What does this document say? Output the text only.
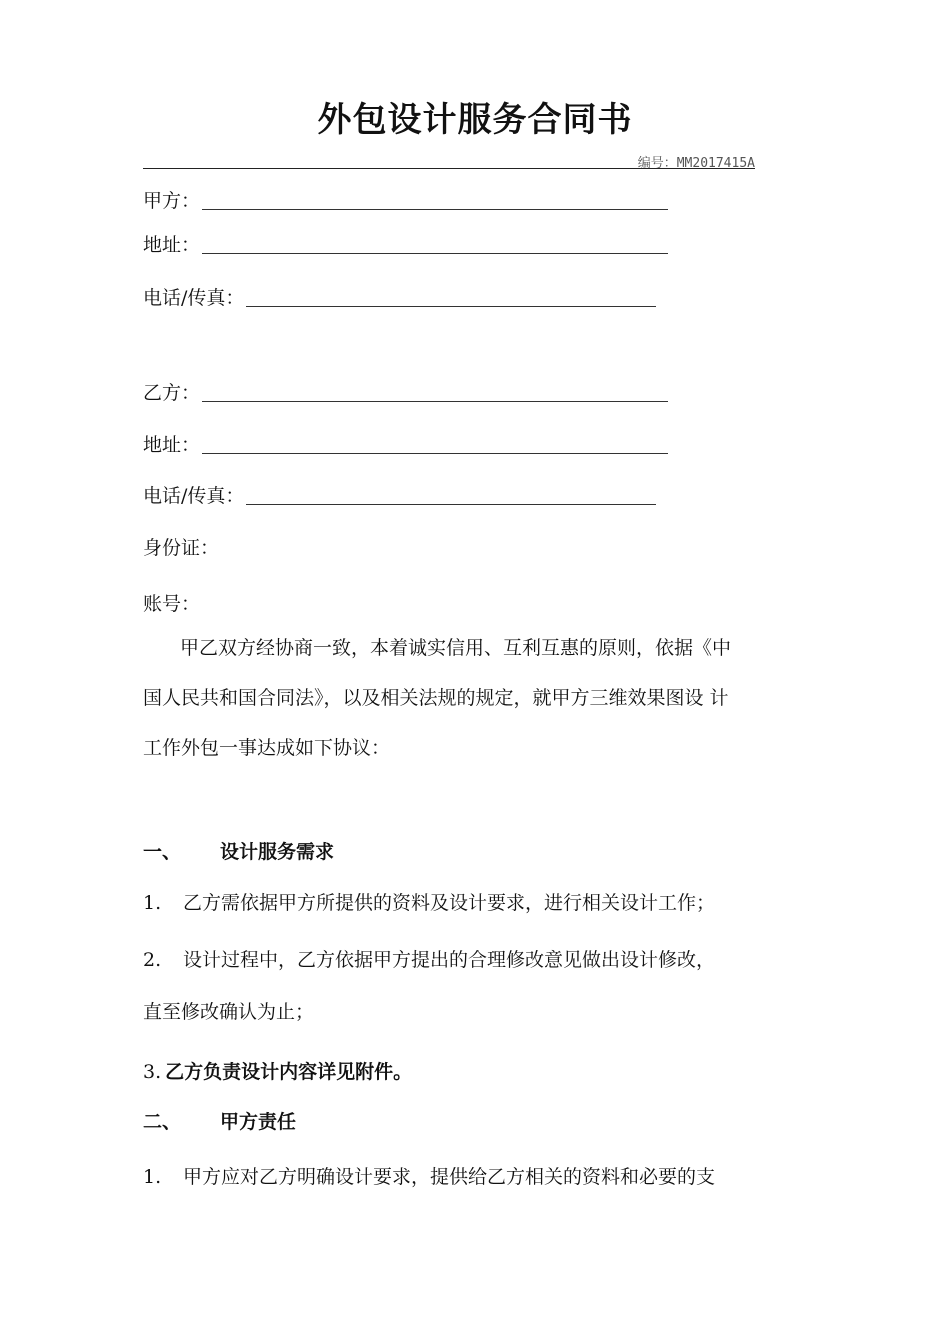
外包设计服务合同书
编号：MM2017415A
甲方：
地址：
电话/传真：
乙方：
地址：
电话/传真：
身份证：
账号：
甲乙双方经协商一致，本着诚实信用、互利互惠的原则，依据《中
国人民共和国合同法》，以及相关法规的规定，就甲方三维效果图设 计
工作外包一事达成如下协议：
一、 设计服务需求
1. 乙方需依据甲方所提供的资料及设计要求，进行相关设计工作；
2. 设计过程中，乙方依据甲方提出的合理修改意见做出设计修改，
直至修改确认为止；
3. 乙方负责设计内容详见附件。
二、 甲方责任
1. 甲方应对乙方明确设计要求，提供给乙方相关的资料和必要的支
